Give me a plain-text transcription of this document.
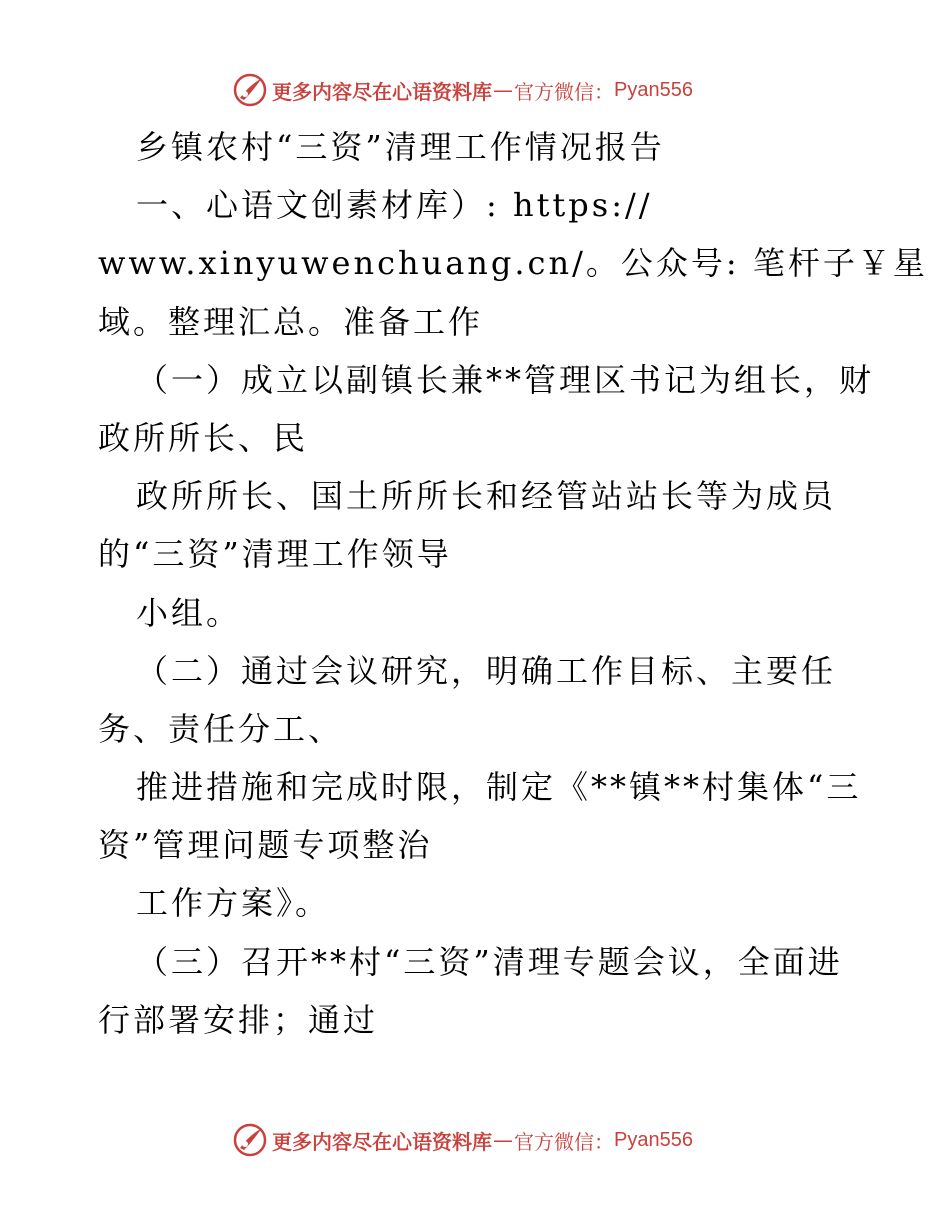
更多内容尽在心语资料库 — 官方微信： Pyan556
乡镇农村“三资”清理工作情况报告
一、心语文创素材库）: https://
www.xinyuwenchuang.cn/。公众号: 笔杆子￥星
域。整理汇总。准备工作
（一）成立以副镇长兼**管理区书记为组长，财
政所所长、民
政所所长、国土所所长和经管站站长等为成员
的“三资”清理工作领导
小组。
（二）通过会议研究，明确工作目标、主要任
务、责任分工、
推进措施和完成时限，制定《**镇**村集体“三
资”管理问题专项整治
工作方案》。
（三）召开**村“三资”清理专题会议，全面进
行部署安排；通过
更多内容尽在心语资料库 — 官方微信： Pyan556
